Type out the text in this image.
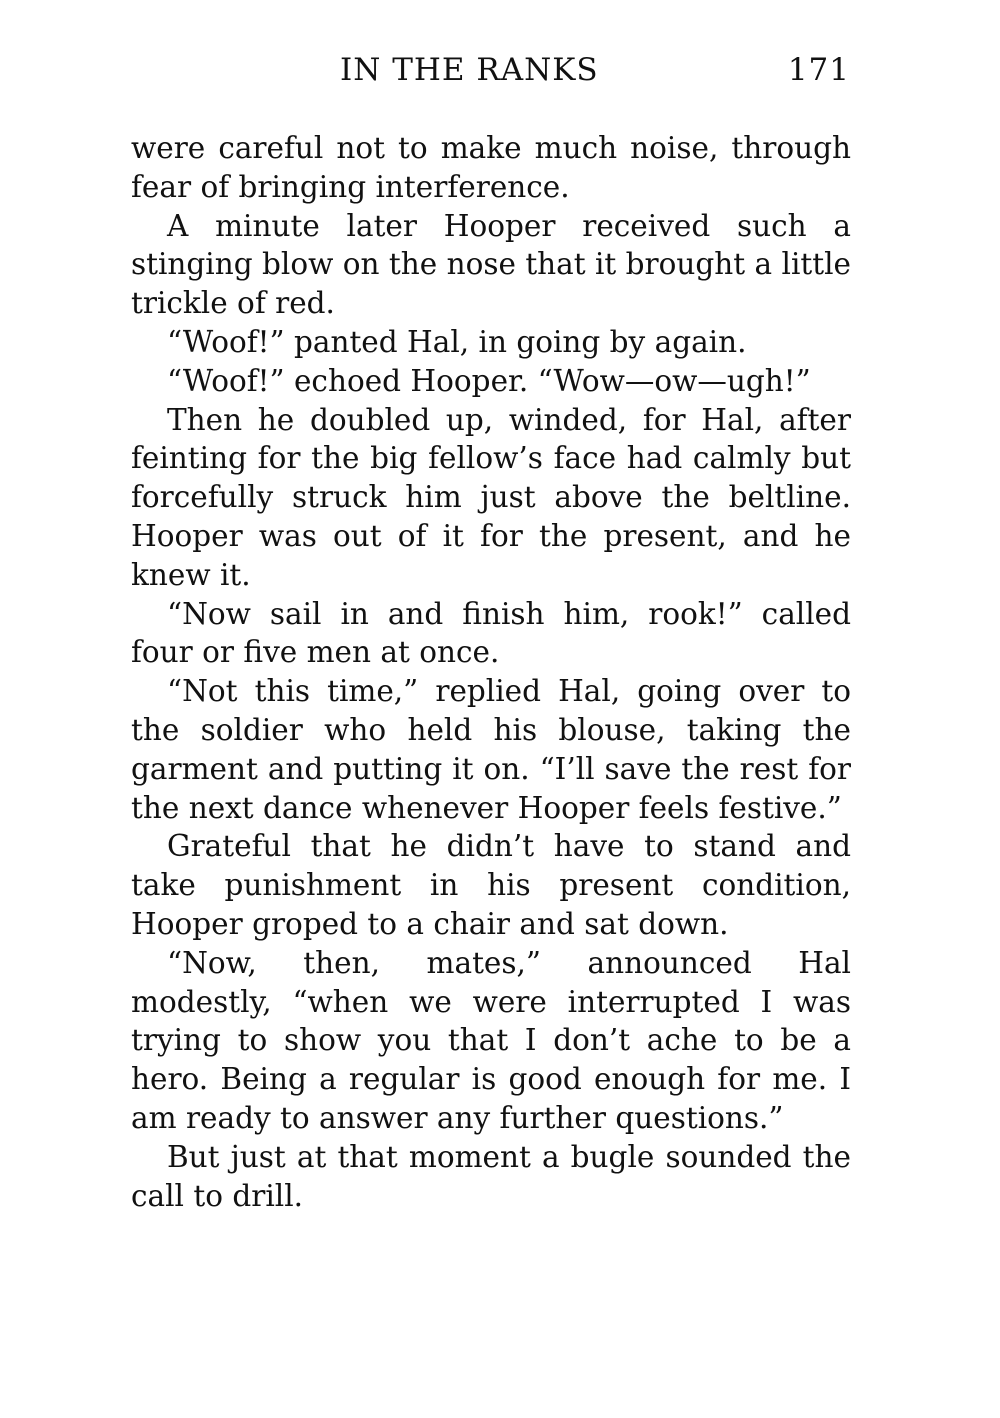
IN THE RANKS	171

were careful not to make much noise, through fear of bringing interference.

A minute later Hooper received such a stinging blow on the nose that it brought a little trickle of red.

“Woof!” panted Hal, in going by again.

“Woof!” echoed Hooper. “Wow—ow—ugh!”

Then he doubled up, winded, for Hal, after feinting for the big fellow’s face had calmly but forcefully struck him just above the beltline. Hooper was out of it for the present, and he knew it.

“Now sail in and finish him, rook!” called four or five men at once.

“Not this time,” replied Hal, going over to the soldier who held his blouse, taking the garment and putting it on. “I’ll save the rest for the next dance whenever Hooper feels festive.”

Grateful that he didn’t have to stand and take punishment in his present condition, Hooper groped to a chair and sat down.

“Now, then, mates,” announced Hal modestly, “when we were interrupted I was trying to show you that I don’t ache to be a hero. Being a regular is good enough for me. I am ready to answer any further questions.”

But just at that moment a bugle sounded the call to drill.
